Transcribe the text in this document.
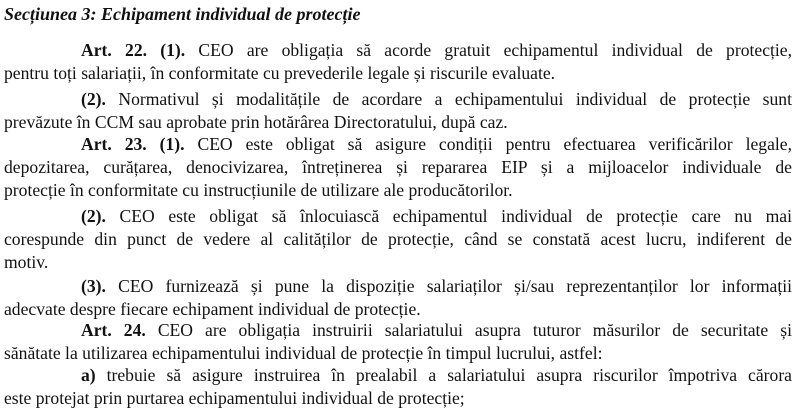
Secțiunea 3: Echipament individual de protecție
Art. 22. (1). CEO are obligația să acorde gratuit echipamentul individual de protecție,
pentru toți salariații, în conformitate cu prevederile legale și riscurile evaluate.
(2). Normativul și modalitățile de acordare a echipamentului individual de protecție sunt
prevăzute în CCM sau aprobate prin hotărârea Directoratului, după caz.
Art. 23. (1). CEO este obligat să asigure condiții pentru efectuarea verificărilor legale,
depozitarea, curățarea, denocivizarea, întreținerea și repararea EIP și a mijloacelor individuale de
protecție în conformitate cu instrucțiunile de utilizare ale producătorilor.
(2). CEO este obligat să înlocuiască echipamentul individual de protecție care nu mai
corespunde din punct de vedere al calităților de protecție, când se constată acest lucru, indiferent de
motiv.
(3). CEO furnizează și pune la dispoziție salariaților și/sau reprezentanților lor informații
adecvate despre fiecare echipament individual de protecție.
Art. 24. CEO are obligația instruirii salariatului asupra tuturor măsurilor de securitate și
sănătate la utilizarea echipamentului individual de protecție în timpul lucrului, astfel:
a) trebuie să asigure instruirea în prealabil a salariatului asupra riscurilor împotriva cărora
este protejat prin purtarea echipamentului individual de protecție;
